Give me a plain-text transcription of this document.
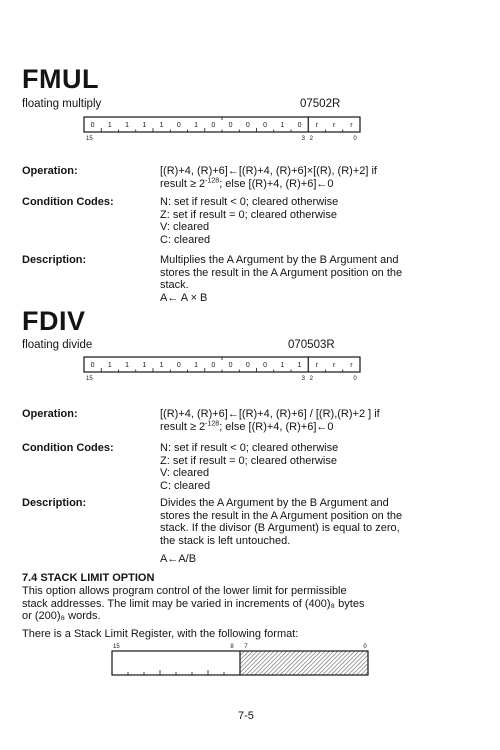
FMUL
floating multiply	07502R
0 1 1 1 1 0 1 0 0 0 0 1 0 r r r
15	3 2	0
Operation:	[(R)+4, (R)+6]←[(R)+4, (R)+6]×[(R), (R)+2] if
result ≥ $2^{-128}$; else [(R)+4, (R)+6]←0
Condition Codes:	N: set if result < 0; cleared otherwise
Z: set if result = 0; cleared otherwise
V: cleared
C: cleared
Description:	Multiplies the A Argument by the B Argument and
stores the result in the A Argument position on the
stack.
A← A × B
FDIV
floating divide	070503R
0 1 1 1 1 0 1 0 0 0 0 1 1 r r r
15	3 2	0
Operation:	[(R)+4, (R)+6]←[(R)+4, (R)+6] / [(R),(R)+2 ] if
result ≥ $2^{-128}$; else [(R)+4, (R)+6]←0
Condition Codes:	N: set if result < 0; cleared otherwise
Z: set if result = 0; cleared otherwise
V: cleared
C: cleared
Description:	Divides the A Argument by the B Argument and
stores the result in the A Argument position on the
stack. If the divisor (B Argument) is equal to zero,
the stack is left untouched.
A←A/B
7.4 STACK LIMIT OPTION
This option allows program control of the lower limit for permissible
stack addresses. The limit may be varied in increments of (400)₈ bytes
or (200)₈ words.
There is a Stack Limit Register, with the following format:
15	8 7	0
7-5
